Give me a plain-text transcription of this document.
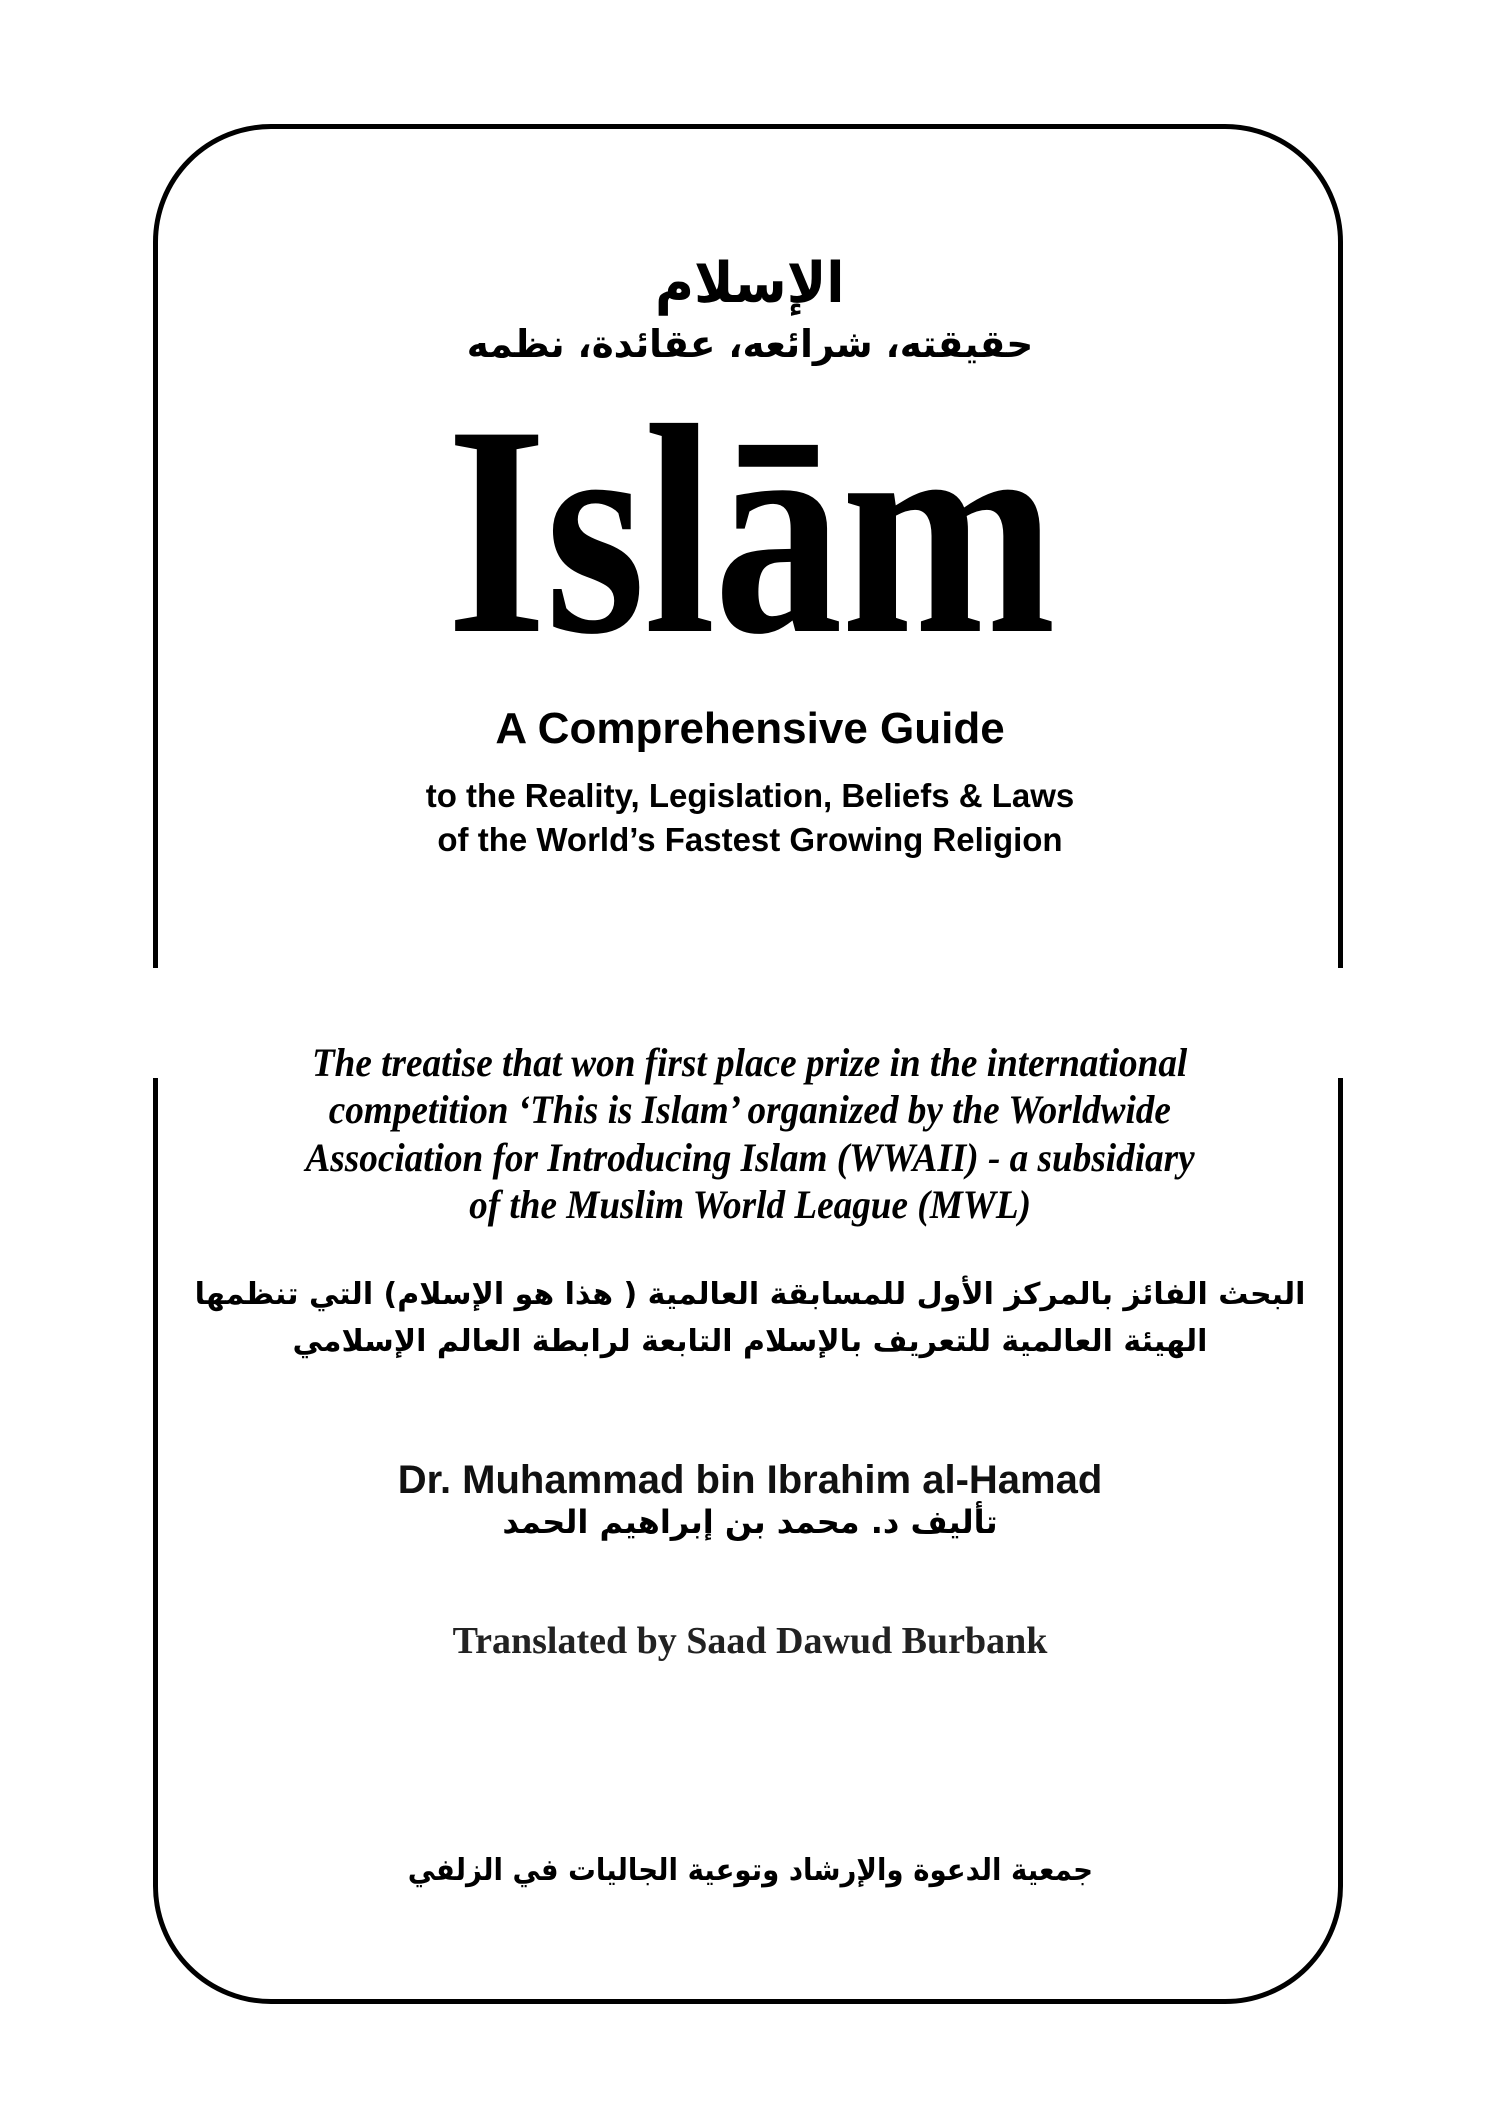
الإسلام
حقيقته، شرائعه، عقائدة، نظمه
Islām
A Comprehensive Guide
to the Reality, Legislation, Beliefs & Laws
of the World’s Fastest Growing Religion
The treatise that won first place prize in the international
competition ‘This is Islam’ organized by the Worldwide
Association for Introducing Islam (WWAII) - a subsidiary
of the Muslim World League (MWL)
البحث الفائز بالمركز الأول للمسابقة العالمية ( هذا هو الإسلام) التي تنظمها
الهيئة العالمية للتعريف بالإسلام التابعة لرابطة العالم الإسلامي
Dr. Muhammad bin Ibrahim al-Hamad
تأليف د. محمد بن إبراهيم الحمد
Translated by Saad Dawud Burbank
جمعية الدعوة والإرشاد وتوعية الجاليات في الزلفي
